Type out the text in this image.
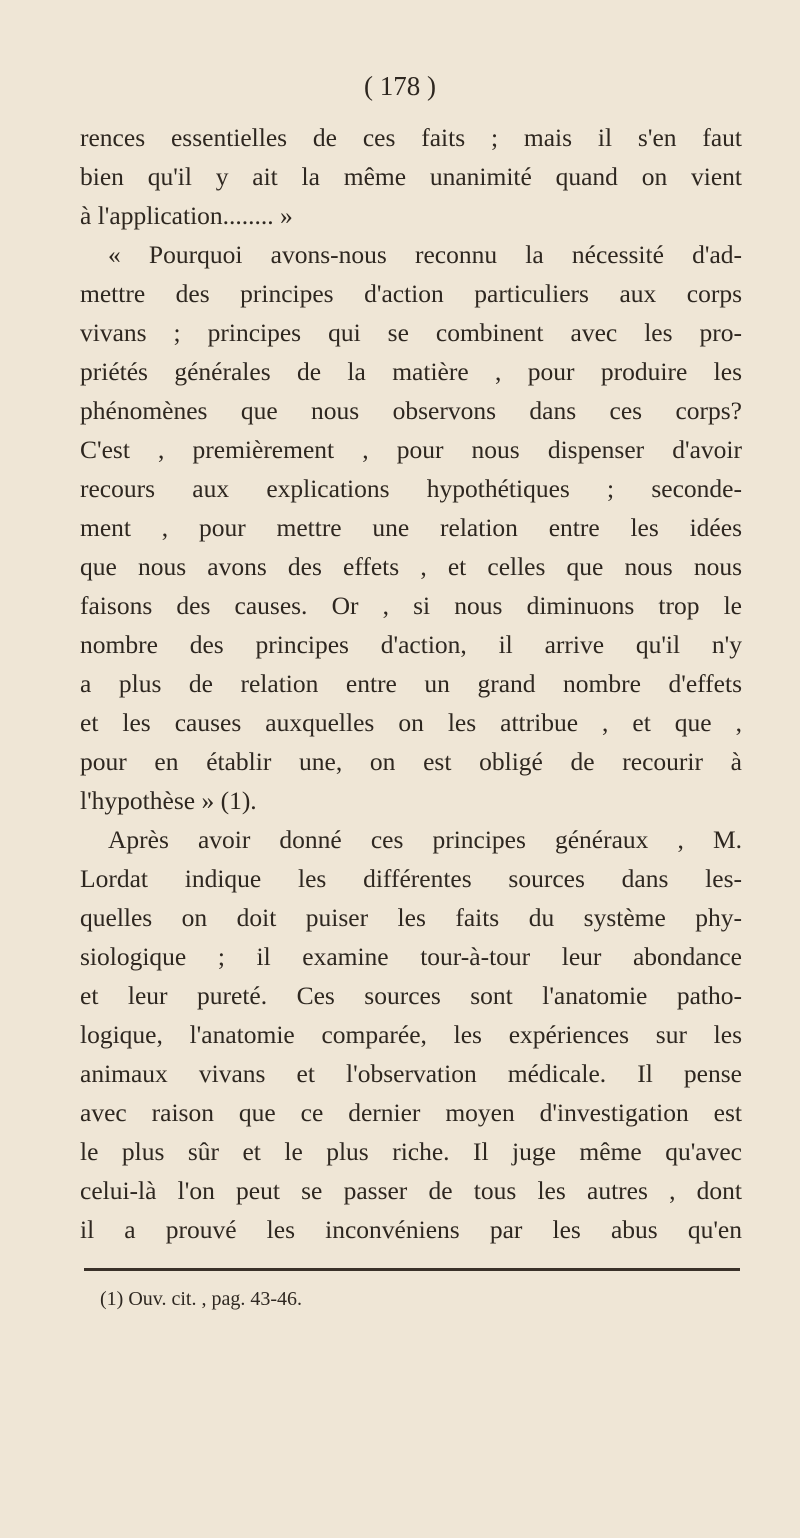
( 178 )
rences essentielles de ces faits ; mais il s'en faut
bien qu'il y ait la même unanimité quand on vient
à l'application........ »
« Pourquoi avons-nous reconnu la nécessité d'ad-
mettre des principes d'action particuliers aux corps
vivans ; principes qui se combinent avec les pro-
priétés générales de la matière , pour produire les
phénomènes que nous observons dans ces corps?
C'est , premièrement , pour nous dispenser d'avoir
recours aux explications hypothétiques ; seconde-
ment , pour mettre une relation entre les idées
que nous avons des effets , et celles que nous nous
faisons des causes. Or , si nous diminuons trop le
nombre des principes d'action, il arrive qu'il n'y
a plus de relation entre un grand nombre d'effets
et les causes auxquelles on les attribue , et que ,
pour en établir une, on est obligé de recourir à
l'hypothèse » (1).
Après avoir donné ces principes généraux , M.
Lordat indique les différentes sources dans les-
quelles on doit puiser les faits du système phy-
siologique ; il examine tour-à-tour leur abondance
et leur pureté. Ces sources sont l'anatomie patho-
logique, l'anatomie comparée, les expériences sur les
animaux vivans et l'observation médicale. Il pense
avec raison que ce dernier moyen d'investigation est
le plus sûr et le plus riche. Il juge même qu'avec
celui-là l'on peut se passer de tous les autres , dont
il a prouvé les inconvéniens par les abus qu'en
(1) Ouv. cit. , pag. 43-46.
